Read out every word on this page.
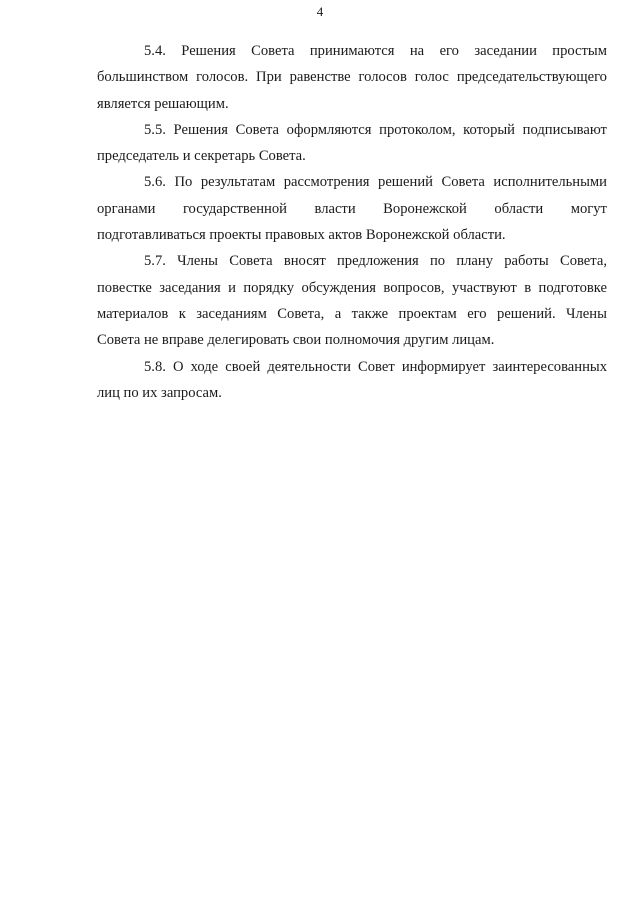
4
5.4. Решения Совета принимаются на его заседании простым
большинством голосов. При равенстве голосов голос председательствующего
является решающим.
5.5. Решения Совета оформляются протоколом, который подписывают
председатель и секретарь Совета.
5.6. По результатам рассмотрения решений Совета исполнительными
органами государственной власти Воронежской области могут
подготавливаться проекты правовых актов Воронежской области.
5.7. Члены Совета вносят предложения по плану работы Совета,
повестке заседания и порядку обсуждения вопросов, участвуют в подготовке
материалов к заседаниям Совета, а также проектам его решений. Члены
Совета не вправе делегировать свои полномочия другим лицам.
5.8. О ходе своей деятельности Совет информирует заинтересованных
лиц по их запросам.
